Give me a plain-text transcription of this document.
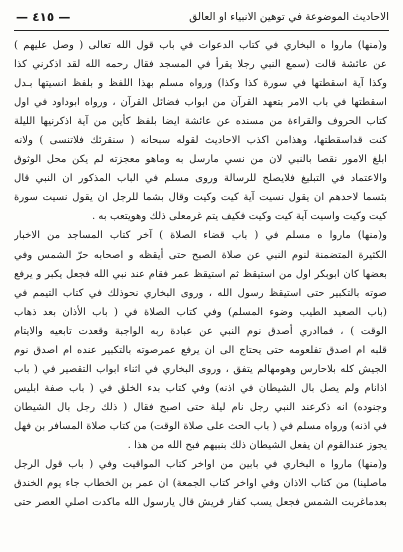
الاحاديث الموضوعة في توهين الانبياء او العالق
— ٤١٥ —
و(منها) ماروا ه البخاري في كتاب الدعوات في باب قول الله تعالى ( وصل عليهم )
عن عائشة قالت (سمع النبي رجلا يقرأ في المسجد فقال رحمه الله لقد اذكرني كذا
وكذا آية اسقطتها في سورة كذا وكذا) ورواه مسلم بهذا اللفظ و بلفظ انسيتها بـدل
اسقطتها في باب الامر بتعهد القرآن من ابواب فضائل القرآن ، ورواه ابوداود في اول
كتاب الحروف والقراءة من مسنده عن عائشة ايضا بلفظ كأين من آية اذكرنيها الليلة
كنت قداسقطتها، وهذامن اكذب الاحاديث لقوله سبحانه ( سنقرئك فلاتنسى ) ولانه
ابلغ الامور نقصا بالنبي لان من نسي مارسل به وماهو معجزته لم يكن محل الوثوق
والاعتماد في التبليغ فلايصلح للرسالة وروى مسلم في الباب المذكور ان النبي قال
بئسما لاحدهم ان يقول نسيت آية كيت وكيت وقال بشما للرجل ان يقول نسيت سورة
كيت وكيت واسيت آية كيت وكيت فكيف يتم غرمعلى ذلك وهويتعب به .
و(منها) ماروا ه مسلم في ( باب قضاء الصلاة ) آخر كتاب المساجد من الاخبار
الكثيرة المتضمنة لنوم النبي عن صلاة الصبح حتى أيقظه و اصحابه حرّ الشمس وفي
بعضها كان ابوبكر اول من استيقظ ثم استيقظ عمر فقام عند نبي الله فجعل يكبر و يرفع
صوته بالتكبير حتى استيقظ رسول الله ، وروى البخاري نحوذلك في كتاب التيمم في
(باب الصعيد الطيب وضوء المسلم) وفي كتاب الصلاة في ( باب الأذان بعد ذهاب
الوقت ) ، فماادري أصدق نوم النبي عن عبادة ربه الواجبة وقعدت تابعيه والايتام
قلبه ام اصدق تفلعومه حتى يحتاج الى ان يرفع عمرصوته بالتكبير عنده ام اصدق نوم
الجيش كله بلاحارس وهومهالم يتفق ، وروى البخاري في اثناء ابواب التقصير في ( باب
اذانام ولم يصل بال الشيطان في اذنه) وفي كتاب بدء الخلق في ( باب صفة ابليس
وجنوده) انه ذكرعند النبي رجل نام ليلة حتى اصبح فقال ( ذلك رجل بال الشيطان
في اذنه) ورواه مسلم في ( باب الحث على صلاة الوقت) من كتاب صلاة المسافر بن فهل
يجوز عندالقوم ان يفعل الشيطان ذلك بنبيهم فبح الله من هذا .
و(منها) ماروا ه البخاري في بابين من اواخر كتاب المواقيت وفي ( باب قول الرجل
ماصلينا) من كتاب الاذان وفي اواخر كتاب الجمعة) ان عمر بن الخطاب جاء يوم الخندق
بعدماغربت الشمس فجعل يسب كفار قريش قال يارسول الله ماكدت اصلي العصر حتى
